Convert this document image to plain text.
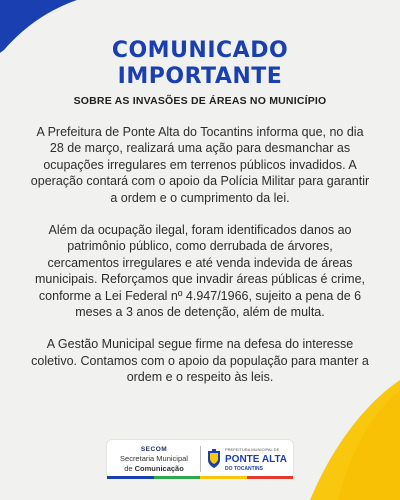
COMUNICADO
IMPORTANTE
SOBRE AS INVASÕES DE ÁREAS NO MUNICÍPIO

A Prefeitura de Ponte Alta do Tocantins informa que, no dia 28 de março, realizará uma ação para desmanchar as ocupações irregulares em terrenos públicos invadidos. A operação contará com o apoio da Polícia Militar para garantir a ordem e o cumprimento da lei.

Além da ocupação ilegal, foram identificados danos ao patrimônio público, como derrubada de árvores, cercamentos irregulares e até venda indevida de áreas municipais. Reforçamos que invadir áreas públicas é crime, conforme a Lei Federal nº 4.947/1966, sujeito a pena de 6 meses a 3 anos de detenção, além de multa.

A Gestão Municipal segue firme na defesa do interesse coletivo. Contamos com o apoio da população para manter a ordem e o respeito às leis.

SECOM
Secretaria Municipal
de Comunicação
PREFEITURA MUNICIPAL DE
PONTE ALTA
DO TOCANTINS
